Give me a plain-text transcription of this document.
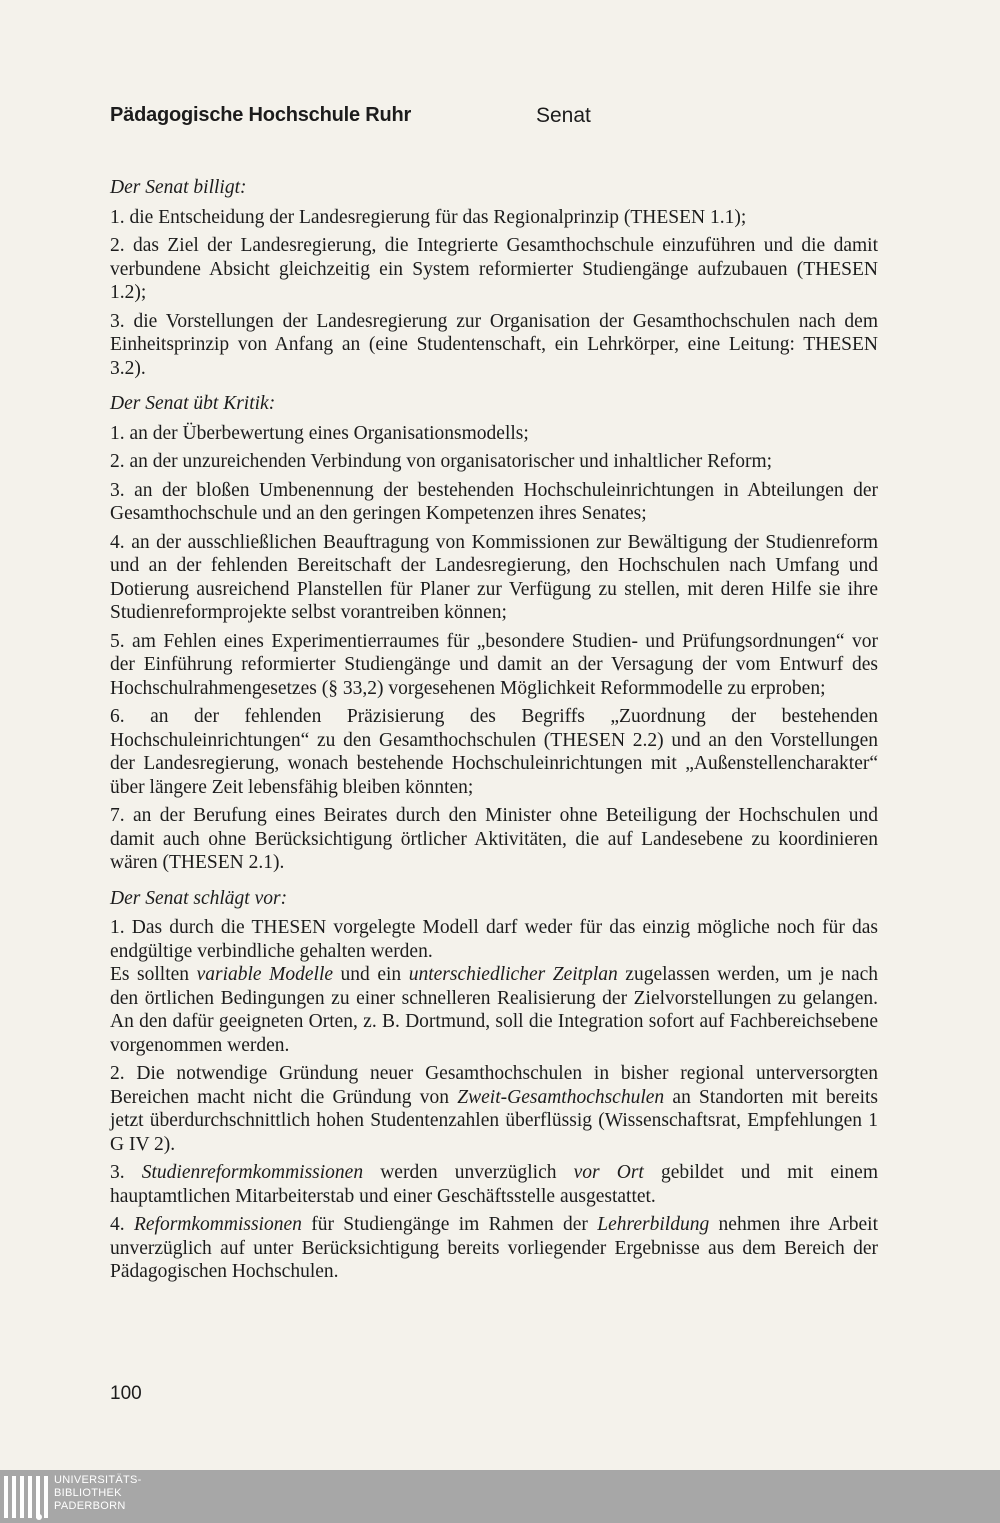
Pädagogische Hochschule Ruhr	Senat

Der Senat billigt:

1. die Entscheidung der Landesregierung für das Regionalprinzip (THESEN 1.1);

2. das Ziel der Landesregierung, die Integrierte Gesamthochschule einzuführen und die damit verbundene Absicht gleichzeitig ein System reformierter Studiengänge aufzubauen (THESEN 1.2);

3. die Vorstellungen der Landesregierung zur Organisation der Gesamthochschulen nach dem Einheitsprinzip von Anfang an (eine Studentenschaft, ein Lehrkörper, eine Leitung: THESEN 3.2).

Der Senat übt Kritik:

1. an der Überbewertung eines Organisationsmodells;

2. an der unzureichenden Verbindung von organisatorischer und inhaltlicher Reform;

3. an der bloßen Umbenennung der bestehenden Hochschuleinrichtungen in Abteilungen der Gesamthochschule und an den geringen Kompetenzen ihres Senates;

4. an der ausschließlichen Beauftragung von Kommissionen zur Bewältigung der Studienreform und an der fehlenden Bereitschaft der Landesregierung, den Hochschulen nach Umfang und Dotierung ausreichend Planstellen für Planer zur Verfügung zu stellen, mit deren Hilfe sie ihre Studienreformprojekte selbst vorantreiben können;

5. am Fehlen eines Experimentierraumes für „besondere Studien- und Prüfungsordnungen“ vor der Einführung reformierter Studiengänge und damit an der Versagung der vom Entwurf des Hochschulrahmengesetzes (§ 33,2) vorgesehenen Möglichkeit Reformmodelle zu erproben;

6. an der fehlenden Präzisierung des Begriffs „Zuordnung der bestehenden Hochschuleinrichtungen“ zu den Gesamthochschulen (THESEN 2.2) und an den Vorstellungen der Landesregierung, wonach bestehende Hochschuleinrichtungen mit „Außenstellencharakter“ über längere Zeit lebensfähig bleiben könnten;

7. an der Berufung eines Beirates durch den Minister ohne Beteiligung der Hochschulen und damit auch ohne Berücksichtigung örtlicher Aktivitäten, die auf Landesebene zu koordinieren wären (THESEN 2.1).

Der Senat schlägt vor:

1. Das durch die THESEN vorgelegte Modell darf weder für das einzig mögliche noch für das endgültige verbindliche gehalten werden.

Es sollten variable Modelle und ein unterschiedlicher Zeitplan zugelassen werden, um je nach den örtlichen Bedingungen zu einer schnelleren Realisierung der Zielvorstellungen zu gelangen. An den dafür geeigneten Orten, z. B. Dortmund, soll die Integration sofort auf Fachbereichsebene vorgenommen werden.

2. Die notwendige Gründung neuer Gesamthochschulen in bisher regional unterversorgten Bereichen macht nicht die Gründung von Zweit-Gesamthochschulen an Standorten mit bereits jetzt überdurchschnittlich hohen Studentenzahlen überflüssig (Wissenschaftsrat, Empfehlungen 1 G IV 2).

3. Studienreformkommissionen werden unverzüglich vor Ort gebildet und mit einem hauptamtlichen Mitarbeiterstab und einer Geschäftsstelle ausgestattet.

4. Reformkommissionen für Studiengänge im Rahmen der Lehrerbildung nehmen ihre Arbeit unverzüglich auf unter Berücksichtigung bereits vorliegender Ergebnisse aus dem Bereich der Pädagogischen Hochschulen.

100
UNIVERSITÄTS-
BIBLIOTHEK
PADERBORN
